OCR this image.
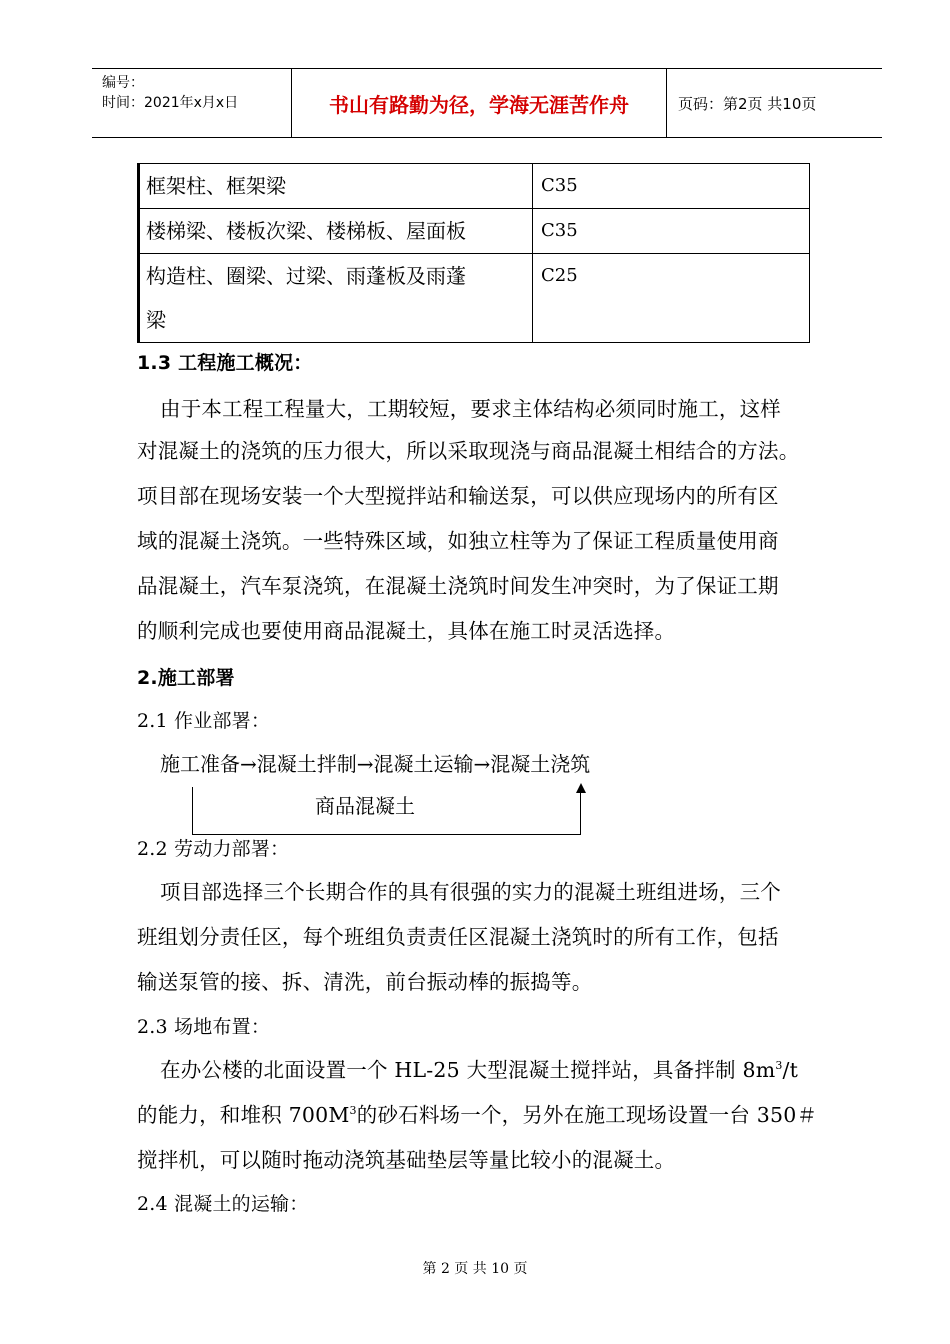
编号：
时间：2021年x月x日	书山有路勤为径，学海无涯苦作舟	页码：第2页 共10页
框架柱、框架梁	C35
楼梯梁、楼板次梁、楼梯板、屋面板	C35

构造柱、圈梁、过梁、雨蓬板及雨蓬
梁	C25
1.3 工程施工概况：
由于本工程工程量大，工期较短，要求主体结构必须同时施工，这样
对混凝土的浇筑的压力很大，所以采取现浇与商品混凝土相结合的方法。
项目部在现场安装一个大型搅拌站和输送泵，可以供应现场内的所有区
域的混凝土浇筑。一些特殊区域，如独立柱等为了保证工程质量使用商
品混凝土，汽车泵浇筑，在混凝土浇筑时间发生冲突时，为了保证工期
的顺利完成也要使用商品混凝土，具体在施工时灵活选择。
2.施工部署
2.1 作业部署：
施工准备→混凝土拌制→混凝土运输→混凝土浇筑
商品混凝土
2.2 劳动力部署：
项目部选择三个长期合作的具有很强的实力的混凝土班组进场，三个
班组划分责任区，每个班组负责责任区混凝土浇筑时的所有工作，包括
输送泵管的接、拆、清洗，前台振动棒的振捣等。
2.3 场地布置：
在办公楼的北面设置一个 HL-25 大型混凝土搅拌站，具备拌制 $8m^3/t$
的能力，和堆积 $700M^3$的砂石料场一个，另外在施工现场设置一台 350＃
搅拌机，可以随时拖动浇筑基础垫层等量比较小的混凝土。
2.4 混凝土的运输：
第 2 页 共 10 页
